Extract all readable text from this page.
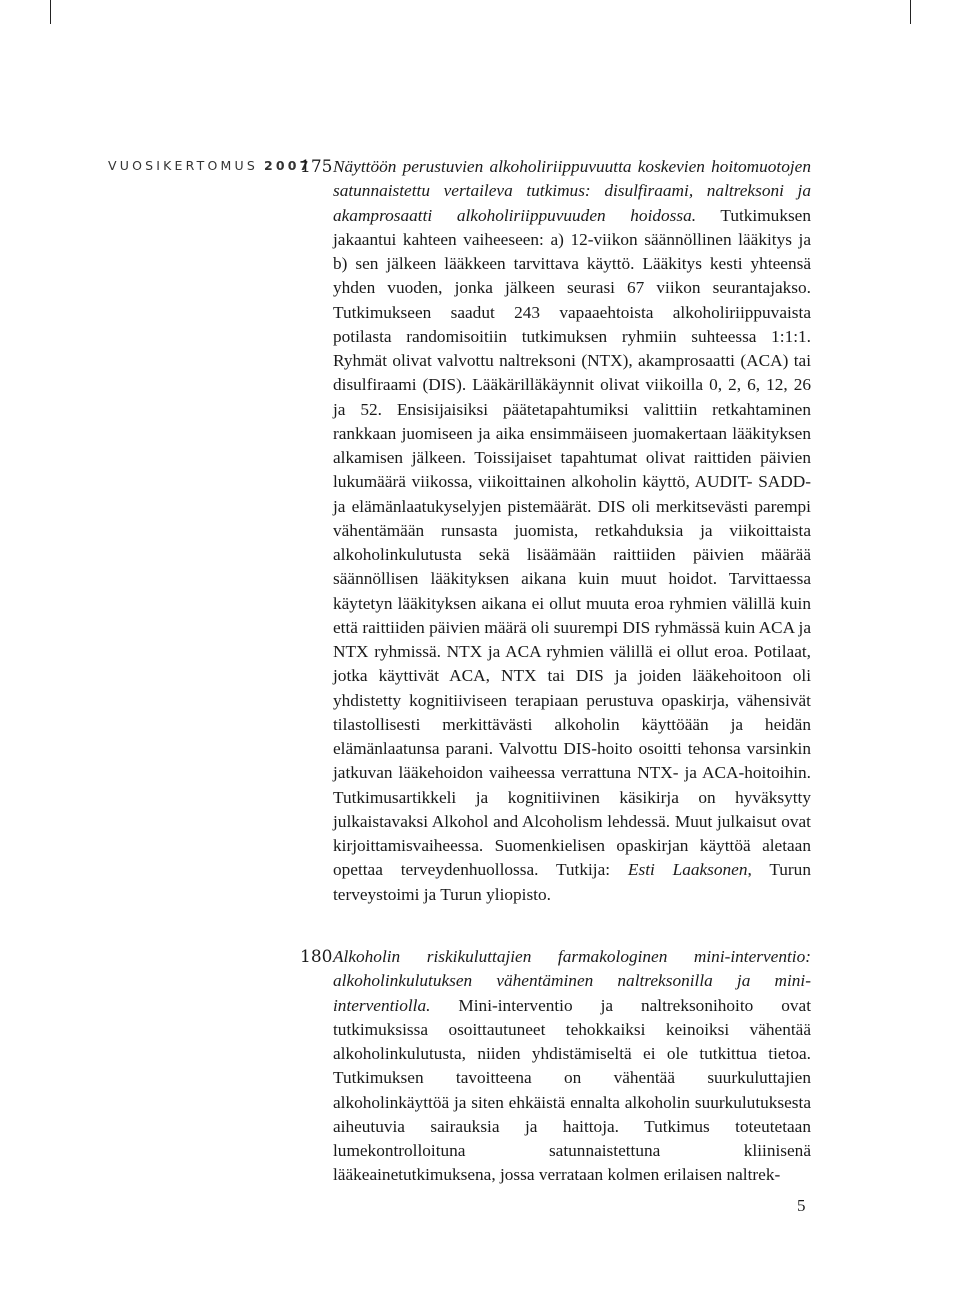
VUOSIKERTOMUS 2007
175 Näyttöön perustuvien alkoholiriippuvuutta koskevien hoitomuotojen satunnaistettu vertaileva tutkimus: disulfiraami, naltreksoni ja akamprosaatti alkoholiriippuvuuden hoidossa. Tutkimuksen jakaantui kahteen vaiheeseen: a) 12-viikon säännöllinen lääkitys ja b) sen jälkeen lääkkeen tarvittava käyttö. Lääkitys kesti yhteensä yhden vuoden, jonka jälkeen seurasi 67 viikon seurantajakso. Tutkimukseen saadut 243 vapaaehtoista alkoholiriippuvaista potilasta randomisoitiin tutkimuksen ryhmiin suhteessa 1:1:1. Ryhmät olivat valvottu naltreksoni (NTX), akamprosaatti (ACA) tai disulfiraami (DIS). Lääkärilläkäynnit olivat viikoilla 0, 2, 6, 12, 26 ja 52. Ensisijaisiksi päätetapahtumiksi valittiin retkahtaminen rankkaan juomiseen ja aika ensimmäiseen juomakertaan lääkityksen alkamisen jälkeen. Toissijaiset tapahtumat olivat raittiden päivien lukumäärä viikossa, viikoittainen alkoholin käyttö, AUDIT- SADD- ja elämänlaatukyselyjen pistemäärät. DIS oli merkitsevästi parempi vähentämään runsasta juomista, retkahduksia ja viikoittaista alkoholinkulutusta sekä lisäämään raittiiden päivien määrää säännöllisen lääkityksen aikana kuin muut hoidot. Tarvittaessa käytetyn lääkityksen aikana ei ollut muuta eroa ryhmien välillä kuin että raittiiden päivien määrä oli suurempi DIS ryhmässä kuin ACA ja NTX ryhmissä. NTX ja ACA ryhmien välillä ei ollut eroa. Potilaat, jotka käyttivät ACA, NTX tai DIS ja joiden lääkehoitoon oli yhdistetty kognitiiviseen terapiaan perustuva opaskirja, vähensivät tilastollisesti merkittävästi alkoholin käyttöään ja heidän elämänlaatunsa parani. Valvottu DIS-hoito osoitti tehonsa varsinkin jatkuvan lääkehoidon vaiheessa verrattuna NTX- ja ACA-hoitoihin. Tutkimusartikkeli ja kognitiivinen käsikirja on hyväksytty julkaistavaksi Alkohol and Alcoholism lehdessä. Muut julkaisut ovat kirjoittamisvaiheessa. Suomenkielisen opaskirjan käyttöä aletaan opettaa terveydenhuollossa. Tutkija: Esti Laaksonen, Turun terveystoimi ja Turun yliopisto.

180 Alkoholin riskikuluttajien farmakologinen mini-interventio: alkoholinkulutuksen vähentäminen naltreksonilla ja mini-interventiolla. Mini-interventio ja naltreksonihoito ovat tutkimuksissa osoittautuneet tehokkaiksi keinoiksi vähentää alkoholinkulutusta, niiden yhdistämiseltä ei ole tutkittua tietoa. Tutkimuksen tavoitteena on vähentää suurkuluttajien alkoholinkäyttöä ja siten ehkäistä ennalta alkoholin suurkulutuksesta aiheutuvia sairauksia ja haittoja. Tutkimus toteutetaan lumekontrolloituna satunnaistettuna kliinisenä lääkeainetutkimuksena, jossa verrataan kolmen erilaisen naltrek-

5
